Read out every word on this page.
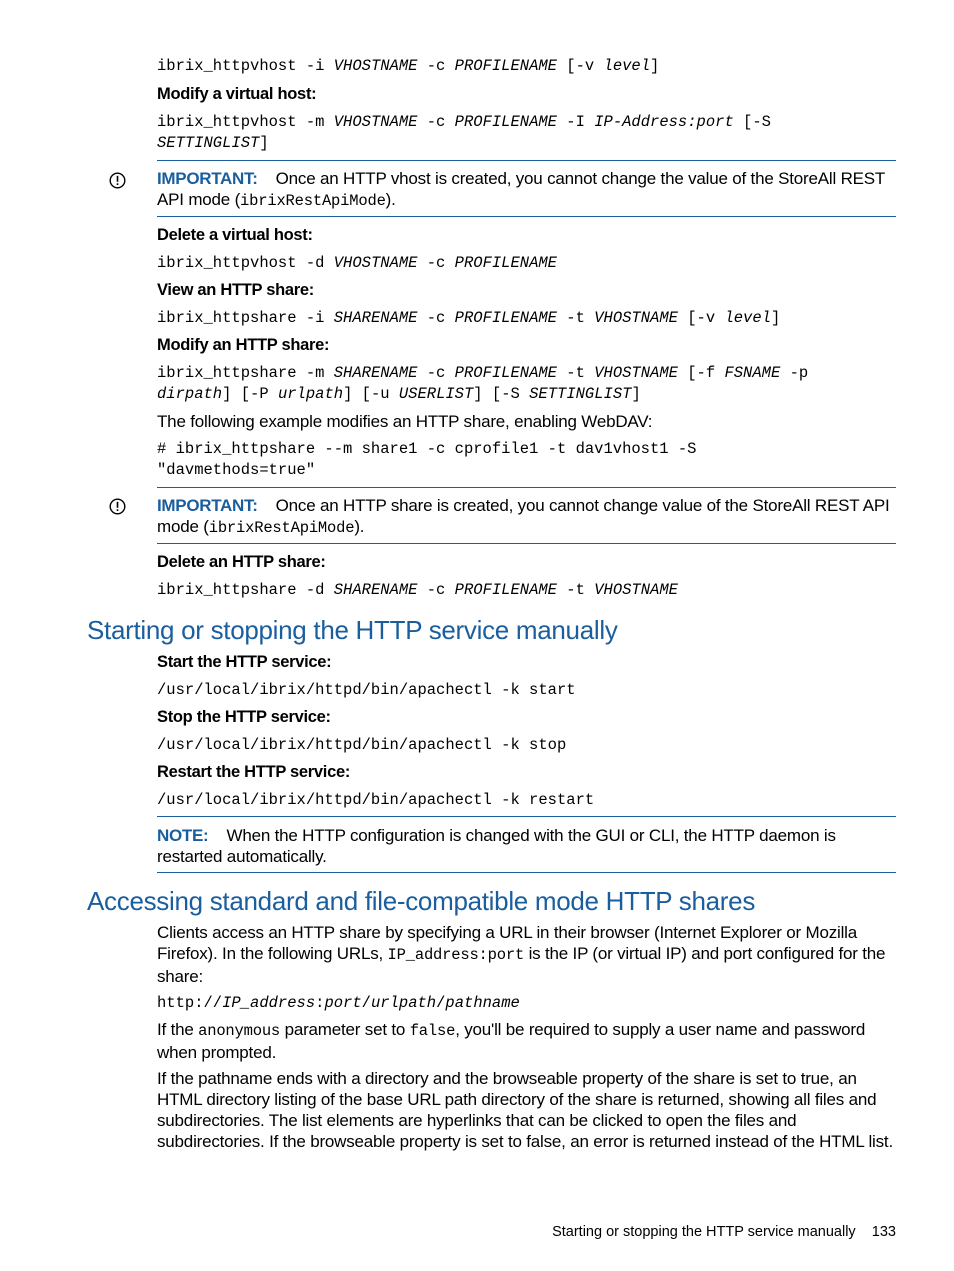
ibrix_httpvhost -i VHOSTNAME -c PROFILENAME [-v level]
Modify a virtual host:
ibrix_httpvhost -m VHOSTNAME -c PROFILENAME -I IP-Address:port [-S
SETTINGLIST]
IMPORTANT: Once an HTTP vhost is created, you cannot change the value of the StoreAll REST API mode (ibrixRestApiMode).
Delete a virtual host:
ibrix_httpvhost -d VHOSTNAME -c PROFILENAME
View an HTTP share:
ibrix_httpshare -i SHARENAME -c PROFILENAME -t VHOSTNAME [-v level]
Modify an HTTP share:
ibrix_httpshare -m SHARENAME -c PROFILENAME -t VHOSTNAME [-f FSNAME -p
dirpath] [-P urlpath] [-u USERLIST] [-S SETTINGLIST]
The following example modifies an HTTP share, enabling WebDAV:
# ibrix_httpshare --m share1 -c cprofile1 -t dav1vhost1 -S
"davmethods=true"
IMPORTANT: Once an HTTP share is created, you cannot change value of the StoreAll REST API mode (ibrixRestApiMode).
Delete an HTTP share:
ibrix_httpshare -d SHARENAME -c PROFILENAME -t VHOSTNAME
Starting or stopping the HTTP service manually
Start the HTTP service:
/usr/local/ibrix/httpd/bin/apachectl -k start
Stop the HTTP service:
/usr/local/ibrix/httpd/bin/apachectl -k stop
Restart the HTTP service:
/usr/local/ibrix/httpd/bin/apachectl -k restart
NOTE: When the HTTP configuration is changed with the GUI or CLI, the HTTP daemon is restarted automatically.
Accessing standard and file-compatible mode HTTP shares
Clients access an HTTP share by specifying a URL in their browser (Internet Explorer or Mozilla Firefox). In the following URLs, IP_address:port is the IP (or virtual IP) and port configured for the share:
http://IP_address:port/urlpath/pathname
If the anonymous parameter set to false, you'll be required to supply a user name and password when prompted.
If the pathname ends with a directory and the browseable property of the share is set to true, an HTML directory listing of the base URL path directory of the share is returned, showing all files and subdirectories. The list elements are hyperlinks that can be clicked to open the files and subdirectories. If the browseable property is set to false, an error is returned instead of the HTML list.
Starting or stopping the HTTP service manually 133
